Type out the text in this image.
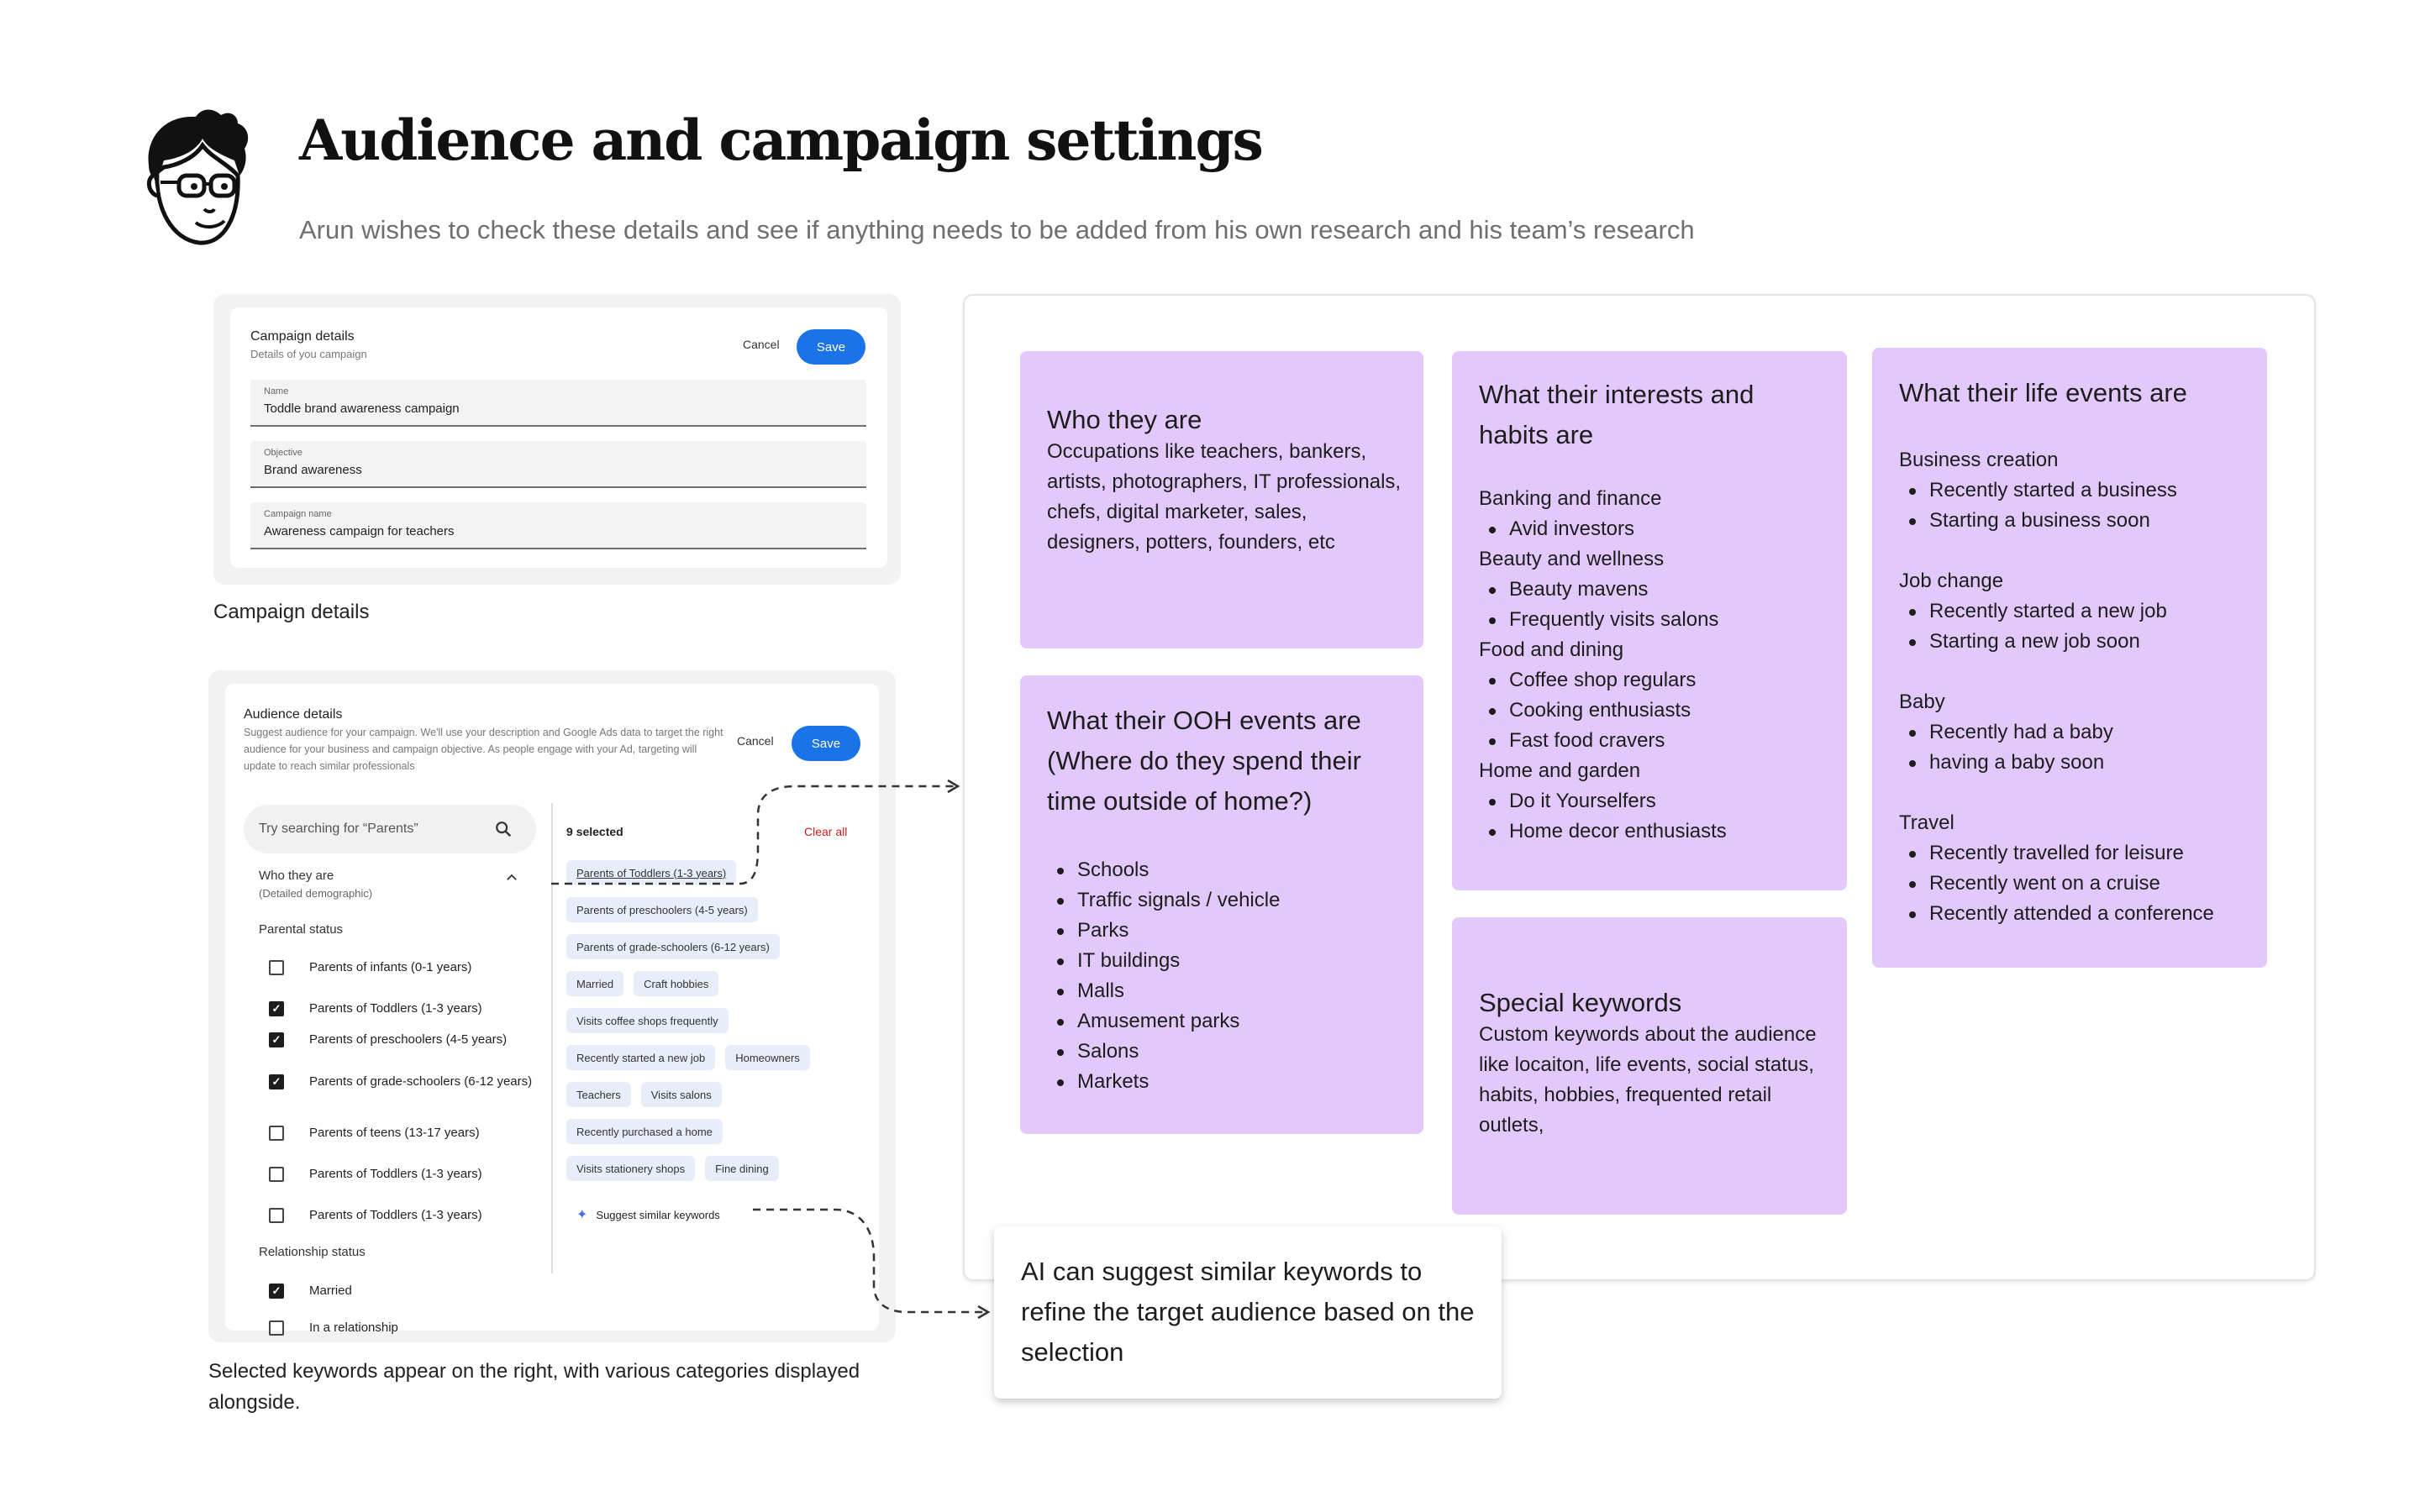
Audience and campaign settings
Arun wishes to check these details and see if anything needs to be added from his own research and his team’s research
Campaign details
Details of you campaign
Cancel	Save
Name
Toddle brand awareness campaign
Objective
Brand awareness
Campaign name
Awareness campaign for teachers
Campaign details
Audience details
Suggest audience for your campaign. We'll use your description and Google Ads data to target the right audience for your business and campaign objective. As people engage with your Ad, targeting will update to reach similar professionals
Cancel	Save
Try searching for “Parents”
Who they are
(Detailed demographic)
Parental status
Parents of infants (0-1 years)
✓ Parents of Toddlers (1-3 years)
✓ Parents of preschoolers (4-5 years)
✓ Parents of grade-schoolers (6-12 years)
Parents of teens (13-17 years)
Parents of Toddlers (1-3 years)
Parents of Toddlers (1-3 years)
Relationship status
✓ Married
In a relationship
9 selected	Clear all
Parents of Toddlers (1-3 years)
Parents of preschoolers (4-5 years)
Parents of grade-schoolers (6-12 years)
Married	Craft hobbies
Visits coffee shops frequently
Recently started a new job	Homeowners
Teachers	Visits salons
Recently purchased a home
Visits stationery shops	Fine dining
✦ Suggest similar keywords
Selected keywords appear on the right, with various categories displayed alongside.
Who they are
Occupations like teachers, bankers, artists, photographers, IT professionals, chefs, digital marketer, sales, designers, potters, founders, etc
What their OOH events are (Where do they spend their time outside of home?)
Schools
Traffic signals / vehicle
Parks
IT buildings
Malls
Amusement parks
Salons
Markets
What their interests and habits are
Banking and finance
Avid investors
Beauty and wellness
Beauty mavens
Frequently visits salons
Food and dining
Coffee shop regulars
Cooking enthusiasts
Fast food cravers
Home and garden
Do it Yourselfers
Home decor enthusiasts
Special keywords
Custom keywords about the audience like locaiton, life events, social status, habits, hobbies, frequented retail outlets,
What their life events are
Business creation
Recently started a business
Starting a business soon
Job change
Recently started a new job
Starting a new job soon
Baby
Recently had a baby
having a baby soon
Travel
Recently travelled for leisure
Recently went on a cruise
Recently attended a conference
AI can suggest similar keywords to refine the target audience based on the selection
